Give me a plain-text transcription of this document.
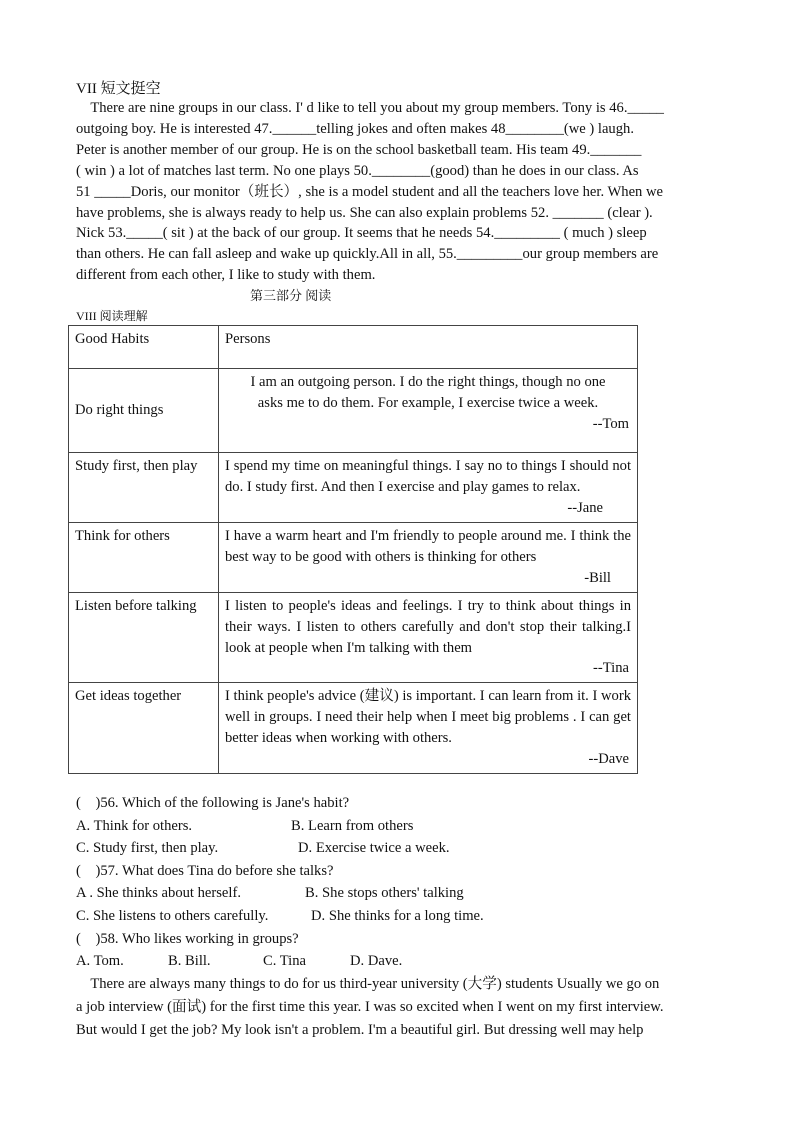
VII 短文挺空

There are nine groups in our class. I' d like to tell you about my group members. Tony is 46._____

outgoing boy. He is interested 47.______telling jokes and often makes 48________(we ) laugh.

Peter is another member of our group. He is on the school basketball team. His team 49._______

( win ) a lot of matches last term. No one plays 50.________(good) than he does in our class. As

51 _____Doris, our monitor（班长）, she is a model student and all the teachers love her. When we

have problems, she is always ready to help us. She can also explain problems 52. _______ (clear ).

Nick 53._____( sit ) at the back of our group. It seems that he needs 54._________ ( much ) sleep

than others. He can fall asleep and wake up quickly.All in all, 55._________our group members are

different from each other, I like to study with them.

第三部分 阅读
VIII 阅读理解
Good Habits	Persons
Do right things	I am an outgoing person. I do the right things, though no one
asks me to do them. For example, I exercise twice a week.
--Tom

Study first, then play	I spend my time on meaningful things. I say no to things I should not do. I study first. And then I exercise and play games to relax.
--Jane

Think for others	I have a warm heart and I'm friendly to people around me. I think the best way to be good with others is thinking for others
-Bill

Listen before talking	I listen to people's ideas and feelings. I try to think about things in their ways. I listen to others carefully and don't stop their talking.I look at people when I'm talking with them
--Tina

Get ideas together	I think people's advice (建议) is important. I can learn from it. I work well in groups. I need their help when I meet big problems . I can get better ideas when working with others.
--Dave
(    )56. Which of the following is Jane's habit?
A. Think for others.	B. Learn from others
C. Study first, then play.	D. Exercise twice a week.
(    )57. What does Tina do before she talks?
A . She thinks about herself.	B. She stops others' talking
C. She listens to others carefully.	D. She thinks for a long time.
(    )58. Who likes working in groups?
A. Tom.	B. Bill.	C. Tina	D. Dave.

There are always many things to do for us third-year university (大学) students Usually we go on

a job interview (面试) for the first time this year. I was so excited when I went on my first interview.

But would I get the job? My look isn't a problem. I'm a beautiful girl. But dressing well may help
